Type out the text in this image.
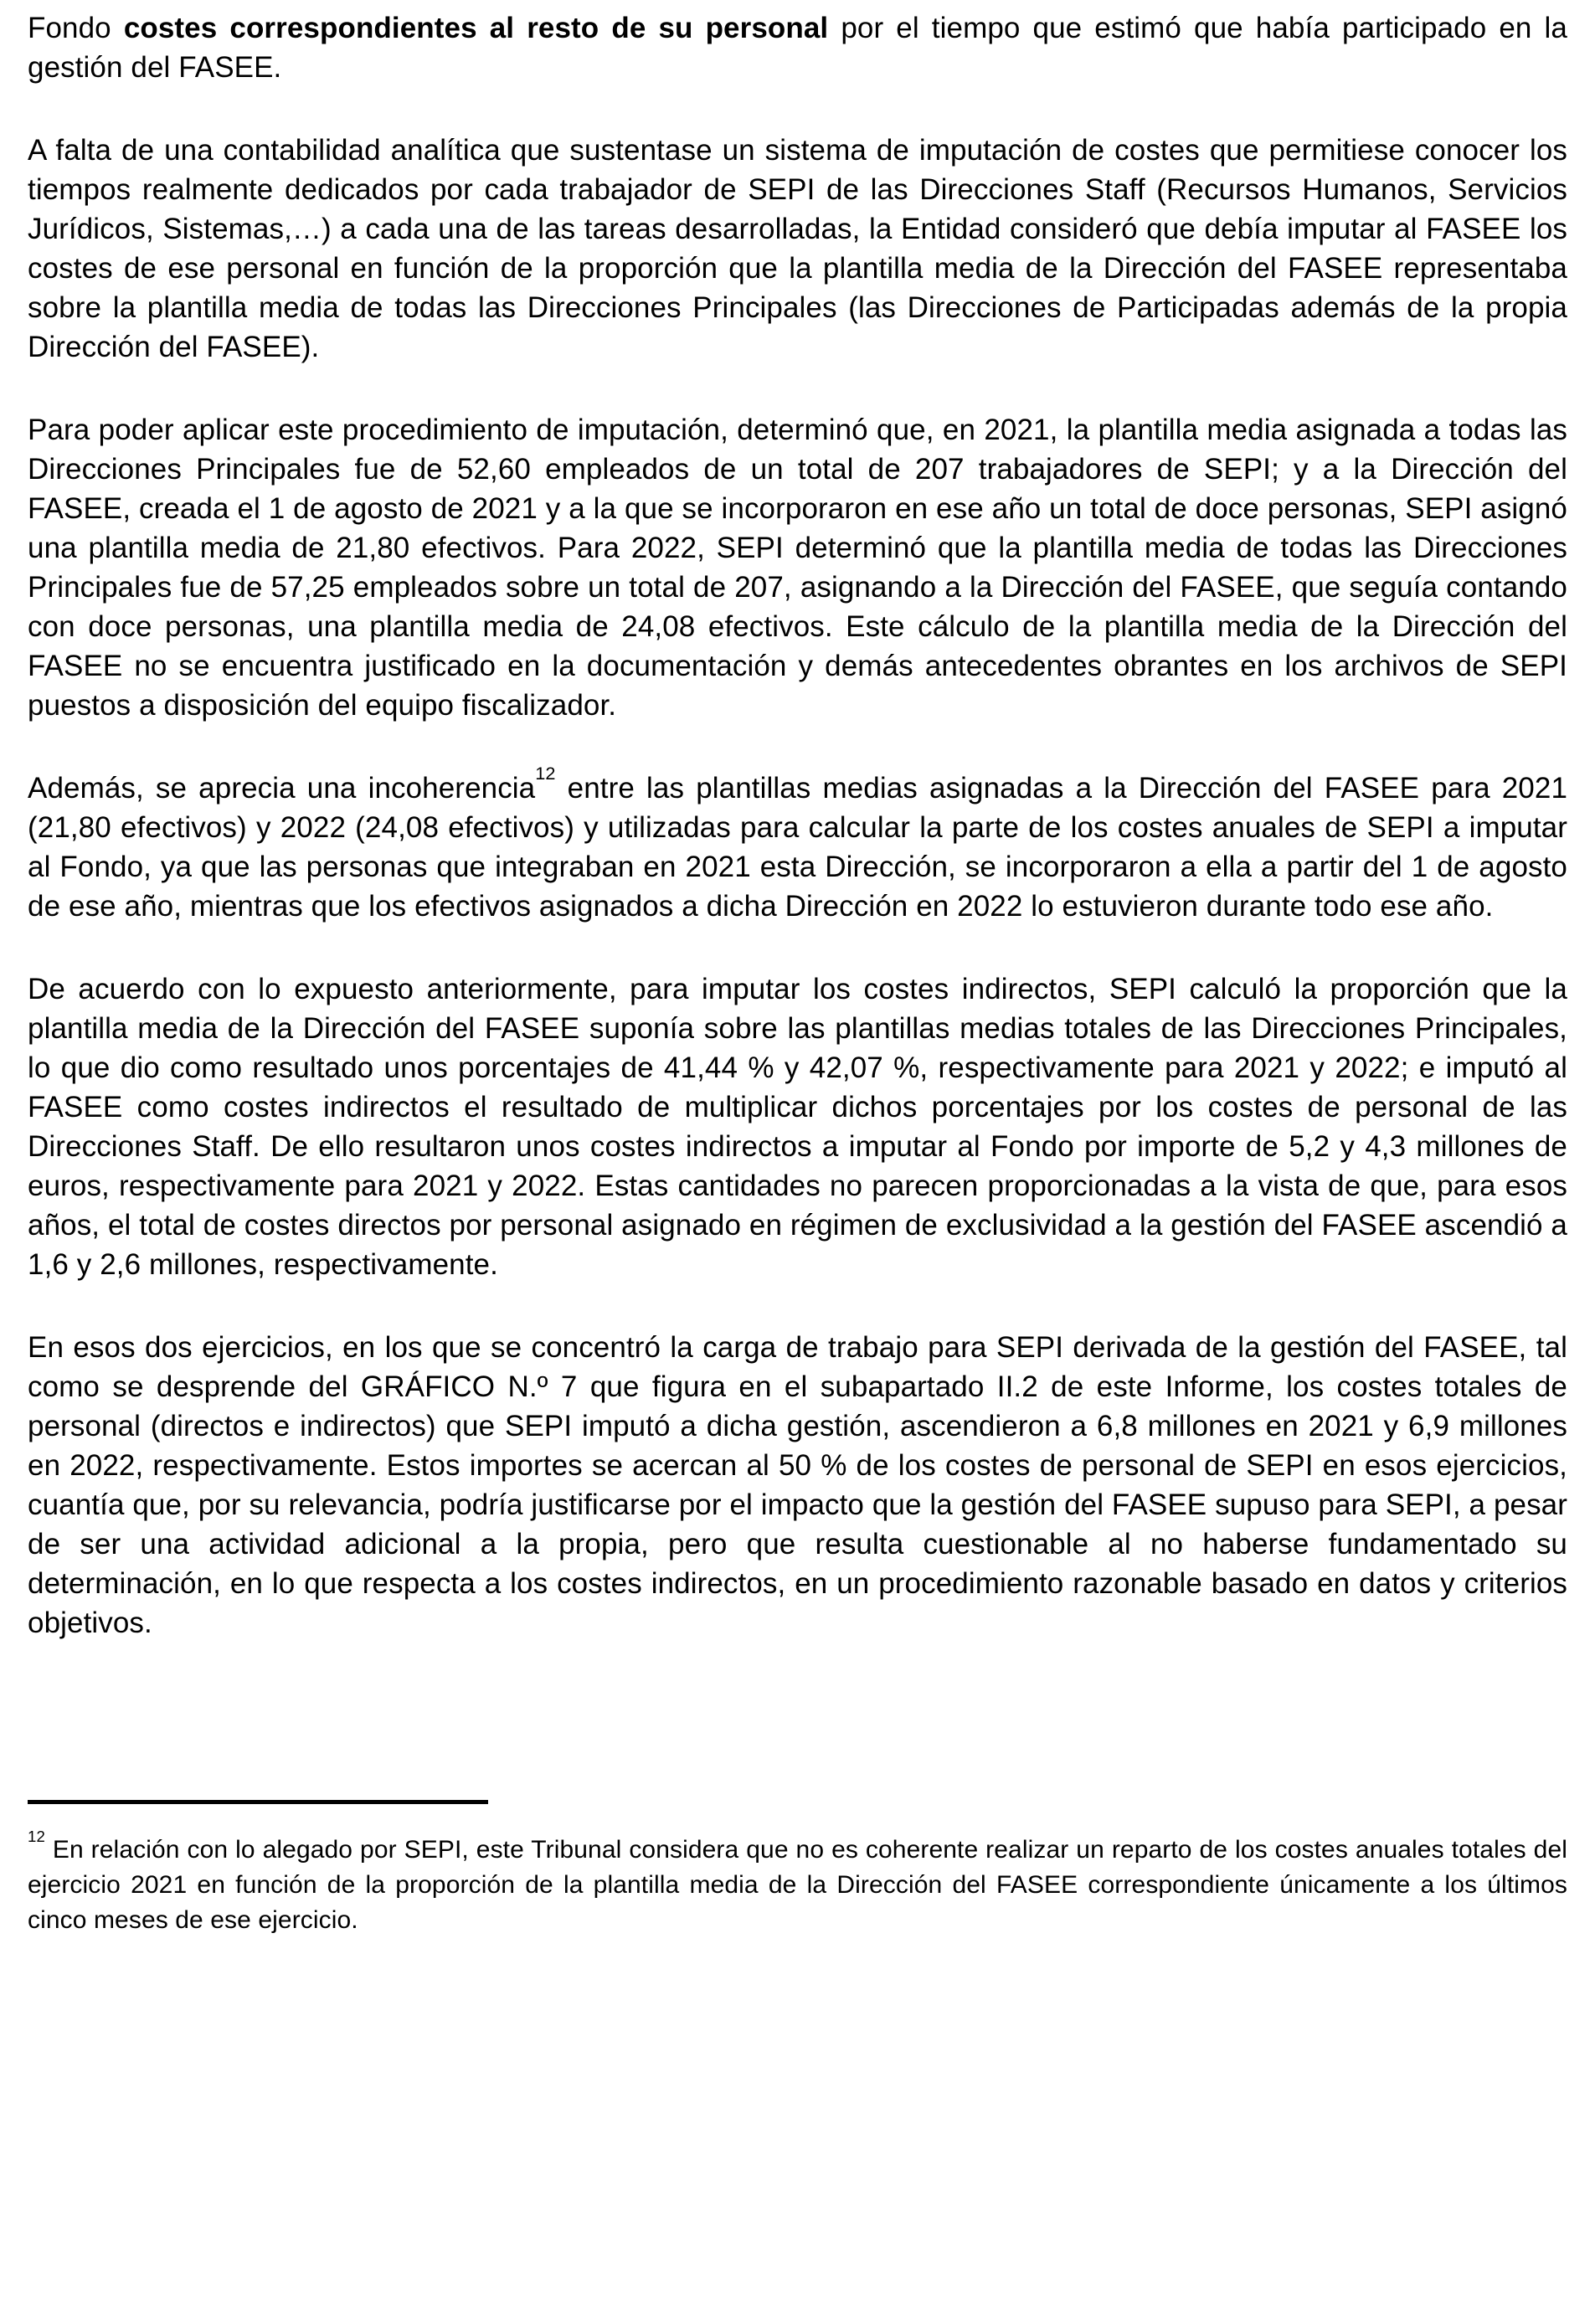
Fondo costes correspondientes al resto de su personal por el tiempo que estimó que había participado en la gestión del FASEE.

A falta de una contabilidad analítica que sustentase un sistema de imputación de costes que permitiese conocer los tiempos realmente dedicados por cada trabajador de SEPI de las Direcciones Staff (Recursos Humanos, Servicios Jurídicos, Sistemas,…) a cada una de las tareas desarrolladas, la Entidad consideró que debía imputar al FASEE los costes de ese personal en función de la proporción que la plantilla media de la Dirección del FASEE representaba sobre la plantilla media de todas las Direcciones Principales (las Direcciones de Participadas además de la propia Dirección del FASEE).

Para poder aplicar este procedimiento de imputación, determinó que, en 2021, la plantilla media asignada a todas las Direcciones Principales fue de 52,60 empleados de un total de 207 trabajadores de SEPI; y a la Dirección del FASEE, creada el 1 de agosto de 2021 y a la que se incorporaron en ese año un total de doce personas, SEPI asignó una plantilla media de 21,80 efectivos. Para 2022, SEPI determinó que la plantilla media de todas las Direcciones Principales fue de 57,25 empleados sobre un total de 207, asignando a la Dirección del FASEE, que seguía contando con doce personas, una plantilla media de 24,08 efectivos. Este cálculo de la plantilla media de la Dirección del FASEE no se encuentra justificado en la documentación y demás antecedentes obrantes en los archivos de SEPI puestos a disposición del equipo fiscalizador.

Además, se aprecia una incoherencia$^{12}$ entre las plantillas medias asignadas a la Dirección del FASEE para 2021 (21,80 efectivos) y 2022 (24,08 efectivos) y utilizadas para calcular la parte de los costes anuales de SEPI a imputar al Fondo, ya que las personas que integraban en 2021 esta Dirección, se incorporaron a ella a partir del 1 de agosto de ese año, mientras que los efectivos asignados a dicha Dirección en 2022 lo estuvieron durante todo ese año.

De acuerdo con lo expuesto anteriormente, para imputar los costes indirectos, SEPI calculó la proporción que la plantilla media de la Dirección del FASEE suponía sobre las plantillas medias totales de las Direcciones Principales, lo que dio como resultado unos porcentajes de 41,44 % y 42,07 %, respectivamente para 2021 y 2022; e imputó al FASEE como costes indirectos el resultado de multiplicar dichos porcentajes por los costes de personal de las Direcciones Staff. De ello resultaron unos costes indirectos a imputar al Fondo por importe de 5,2 y 4,3 millones de euros, respectivamente para 2021 y 2022. Estas cantidades no parecen proporcionadas a la vista de que, para esos años, el total de costes directos por personal asignado en régimen de exclusividad a la gestión del FASEE ascendió a 1,6 y 2,6 millones, respectivamente.

En esos dos ejercicios, en los que se concentró la carga de trabajo para SEPI derivada de la gestión del FASEE, tal como se desprende del GRÁFICO N.º 7 que figura en el subapartado II.2 de este Informe, los costes totales de personal (directos e indirectos) que SEPI imputó a dicha gestión, ascendieron a 6,8 millones en 2021 y 6,9 millones en 2022, respectivamente. Estos importes se acercan al 50 % de los costes de personal de SEPI en esos ejercicios, cuantía que, por su relevancia, podría justificarse por el impacto que la gestión del FASEE supuso para SEPI, a pesar de ser una actividad adicional a la propia, pero que resulta cuestionable al no haberse fundamentado su determinación, en lo que respecta a los costes indirectos, en un procedimiento razonable basado en datos y criterios objetivos.

$^{12}$ En relación con lo alegado por SEPI, este Tribunal considera que no es coherente realizar un reparto de los costes anuales totales del ejercicio 2021 en función de la proporción de la plantilla media de la Dirección del FASEE correspondiente únicamente a los últimos cinco meses de ese ejercicio.
